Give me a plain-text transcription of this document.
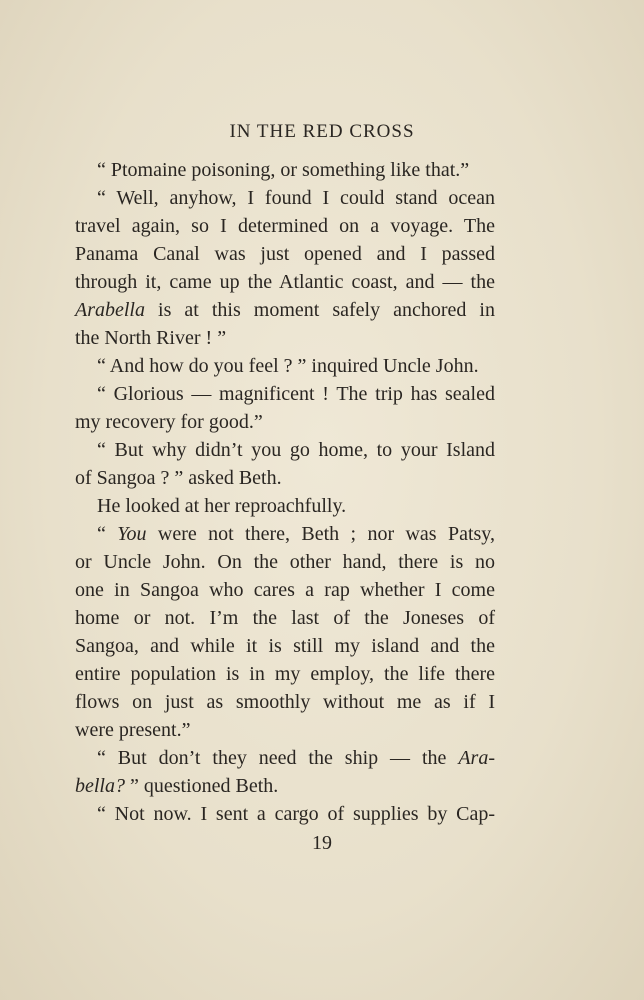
IN THE RED CROSS
“ Ptomaine poisoning, or something like that.”
“ Well, anyhow, I found I could stand ocean
travel again, so I determined on a voyage. The
Panama Canal was just opened and I passed
through it, came up the Atlantic coast, and — the
Arabella is at this moment safely anchored in
the North River ! ”
“ And how do you feel ? ” inquired Uncle John.
“ Glorious — magnificent ! The trip has sealed
my recovery for good.”
“ But why didn’t you go home, to your Island
of Sangoa ? ” asked Beth.
He looked at her reproachfully.
“ You were not there, Beth ; nor was Patsy,
or Uncle John. On the other hand, there is no
one in Sangoa who cares a rap whether I come
home or not. I’m the last of the Joneses of
Sangoa, and while it is still my island and the
entire population is in my employ, the life there
flows on just as smoothly without me as if I
were present.”
“ But don’t they need the ship — the Ara-
bella? ” questioned Beth.
“ Not now. I sent a cargo of supplies by Cap-
19
